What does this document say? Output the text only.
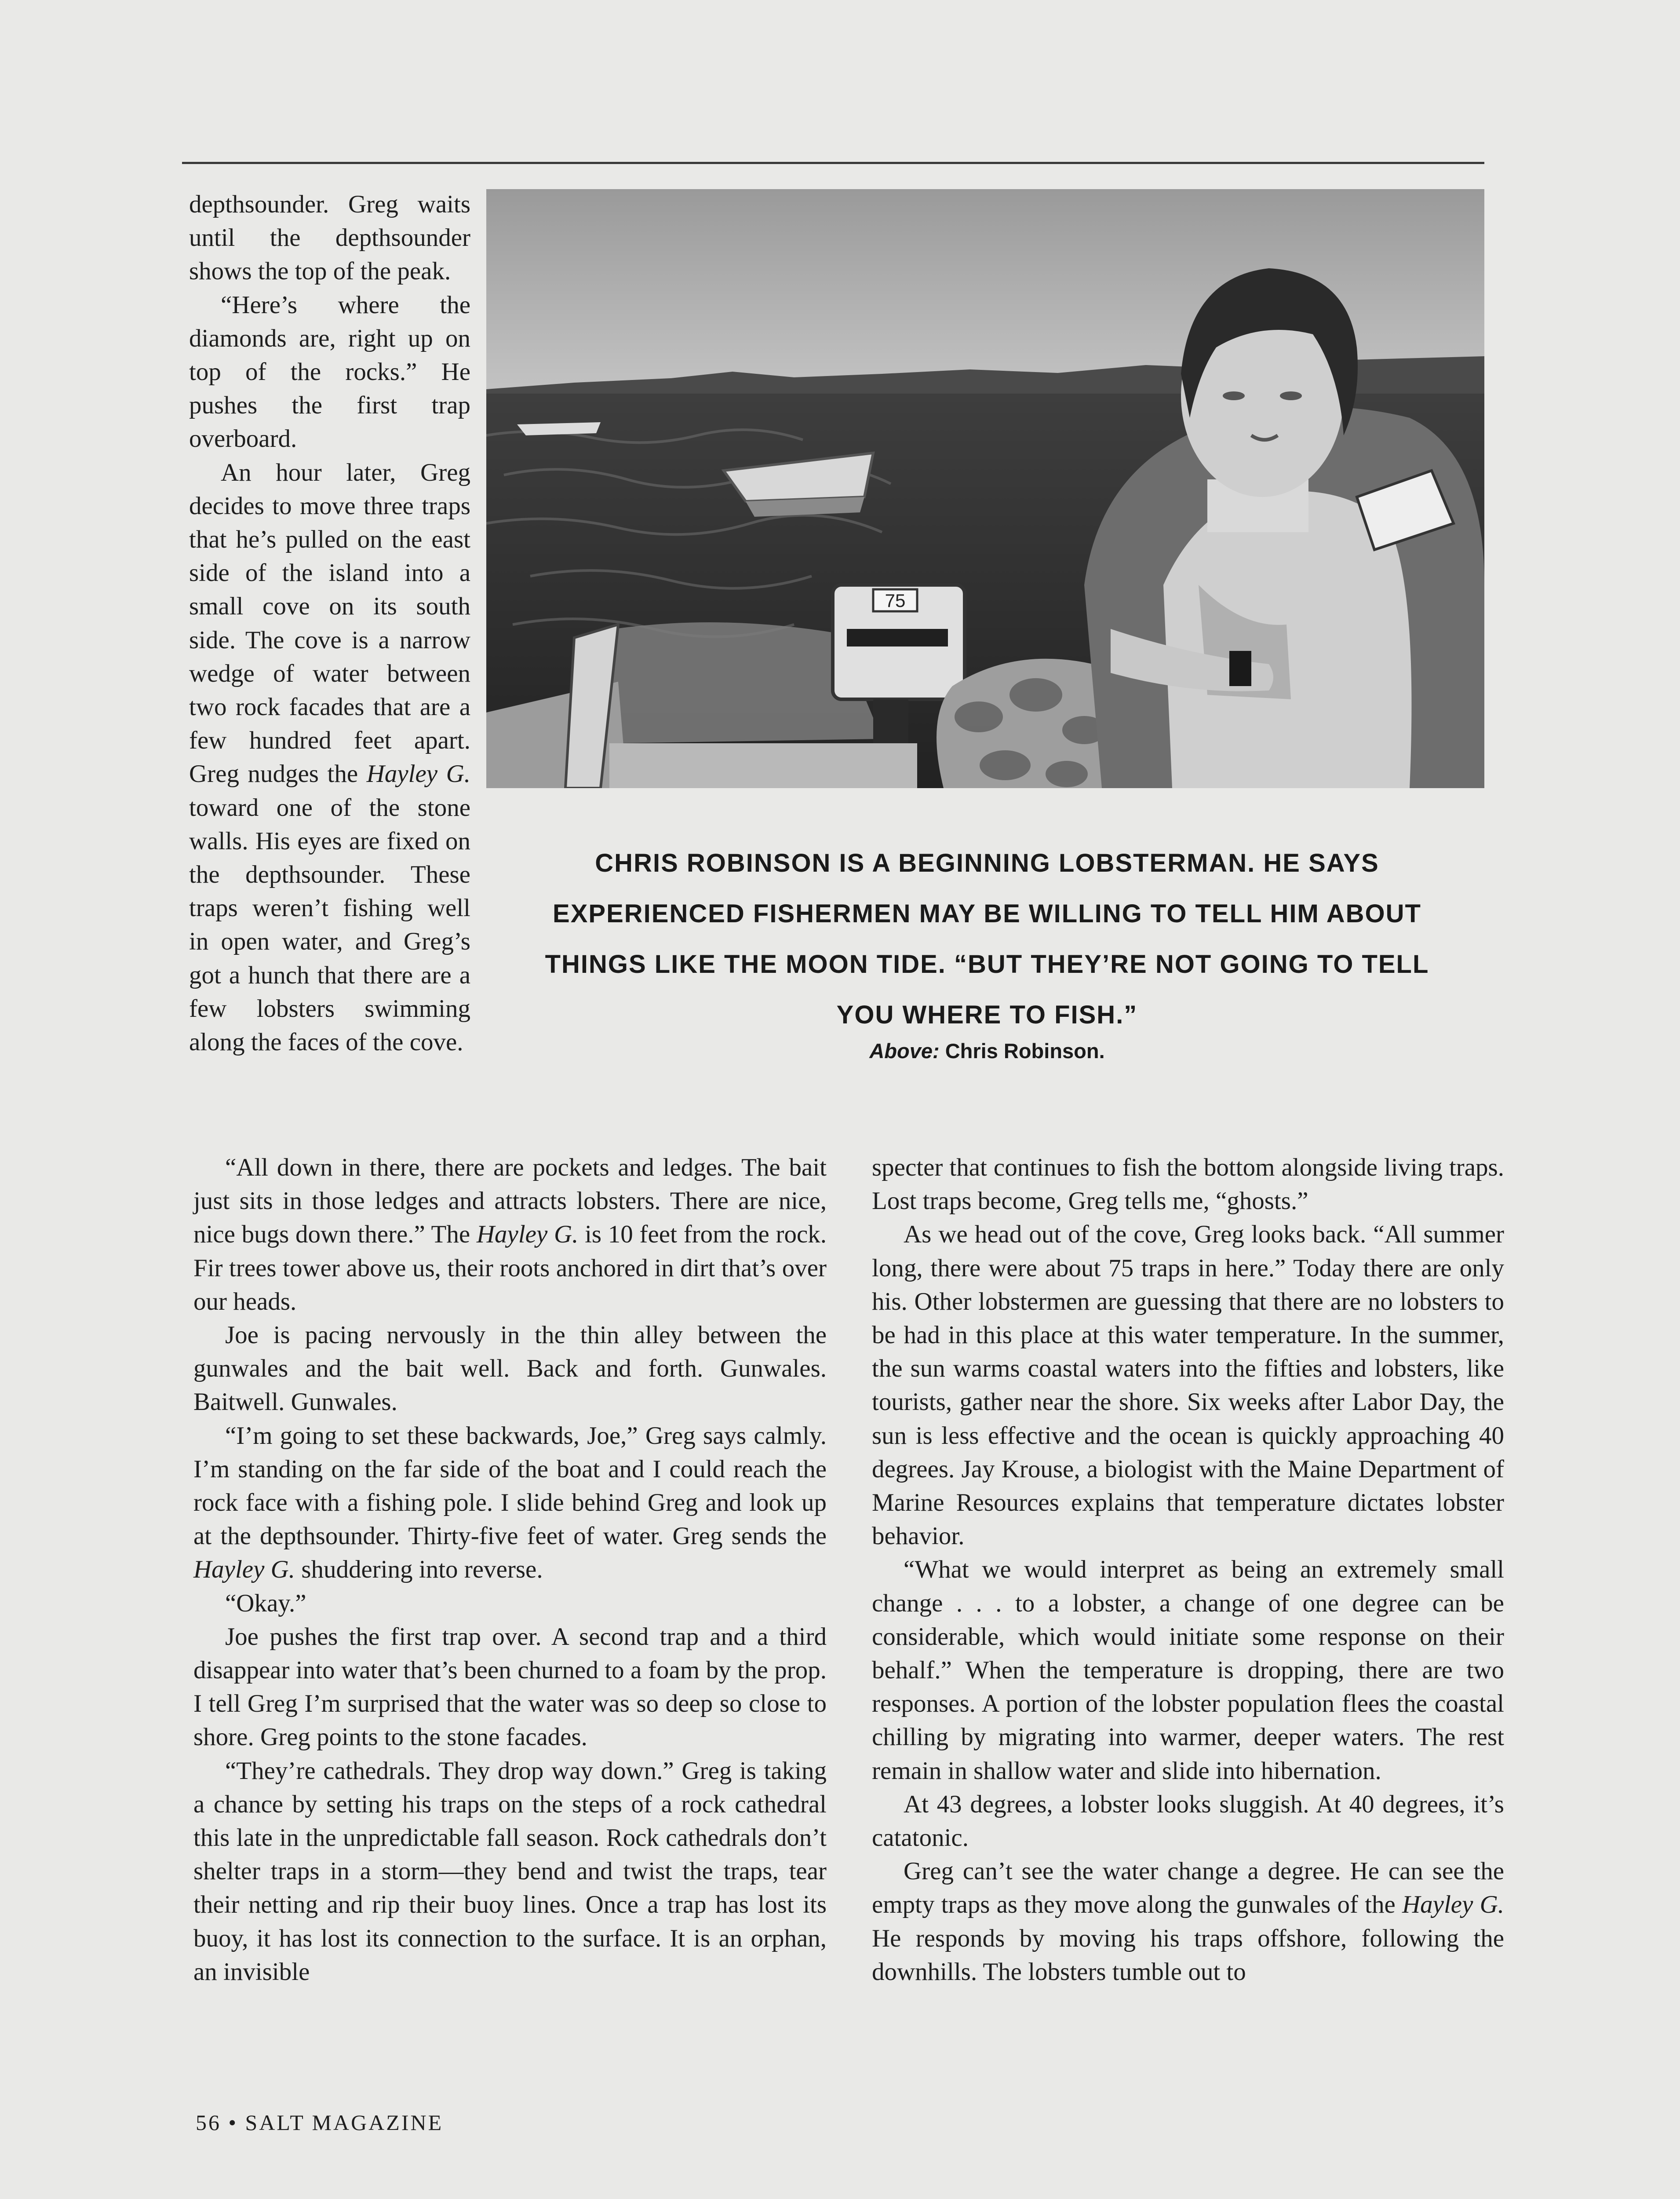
depthsounder. Greg waits until the depthsounder shows the top of the peak.

“Here’s where the diamonds are, right up on top of the rocks.” He pushes the first trap overboard.

An hour later, Greg decides to move three traps that he’s pulled on the east side of the island into a small cove on its south side. The cove is a narrow wedge of water between two rock facades that are a few hundred feet apart. Greg nudges the Hayley G. toward one of the stone walls. His eyes are fixed on the depthsounder. These traps weren’t fishing well in open water, and Greg’s got a hunch that there are a few lobsters swimming along the faces of the cove.

75
CHRIS ROBINSON IS A BEGINNING LOBSTERMAN. HE SAYS EXPERIENCED FISHERMEN MAY BE WILLING TO TELL HIM ABOUT THINGS LIKE THE MOON TIDE. “BUT THEY’RE NOT GOING TO TELL YOU WHERE TO FISH.”
Above: Chris Robinson.

“All down in there, there are pockets and ledges. The bait just sits in those ledges and attracts lobsters. There are nice, nice bugs down there.” The Hayley G. is 10 feet from the rock. Fir trees tower above us, their roots anchored in dirt that’s over our heads.

Joe is pacing nervously in the thin alley between the gunwales and the bait well. Back and forth. Gunwales. Baitwell. Gunwales.

“I’m going to set these backwards, Joe,” Greg says calmly. I’m standing on the far side of the boat and I could reach the rock face with a fishing pole. I slide behind Greg and look up at the depthsounder. Thirty-five feet of water. Greg sends the Hayley G. shuddering into reverse.

“Okay.”

Joe pushes the first trap over. A second trap and a third disappear into water that’s been churned to a foam by the prop. I tell Greg I’m surprised that the water was so deep so close to shore. Greg points to the stone facades.

“They’re cathedrals. They drop way down.” Greg is taking a chance by setting his traps on the steps of a rock cathedral this late in the unpredictable fall season. Rock cathedrals don’t shelter traps in a storm—they bend and twist the traps, tear their netting and rip their buoy lines. Once a trap has lost its buoy, it has lost its connection to the surface. It is an orphan, an invisible

specter that continues to fish the bottom alongside living traps. Lost traps become, Greg tells me, “ghosts.”

As we head out of the cove, Greg looks back. “All summer long, there were about 75 traps in here.” Today there are only his. Other lobstermen are guessing that there are no lobsters to be had in this place at this water temperature. In the summer, the sun warms coastal waters into the fifties and lobsters, like tourists, gather near the shore. Six weeks after Labor Day, the sun is less effective and the ocean is quickly approaching 40 degrees. Jay Krouse, a biologist with the Maine Department of Marine Resources explains that temperature dictates lobster behavior.

“What we would interpret as being an extremely small change . . . to a lobster, a change of one degree can be considerable, which would initiate some response on their behalf.” When the temperature is dropping, there are two responses. A portion of the lobster population flees the coastal chilling by migrating into warmer, deeper waters. The rest remain in shallow water and slide into hibernation.

At 43 degrees, a lobster looks sluggish. At 40 degrees, it’s catatonic.

Greg can’t see the water change a degree. He can see the empty traps as they move along the gunwales of the Hayley G. He responds by moving his traps offshore, following the downhills. The lobsters tumble out to

56 • SALT MAGAZINE
